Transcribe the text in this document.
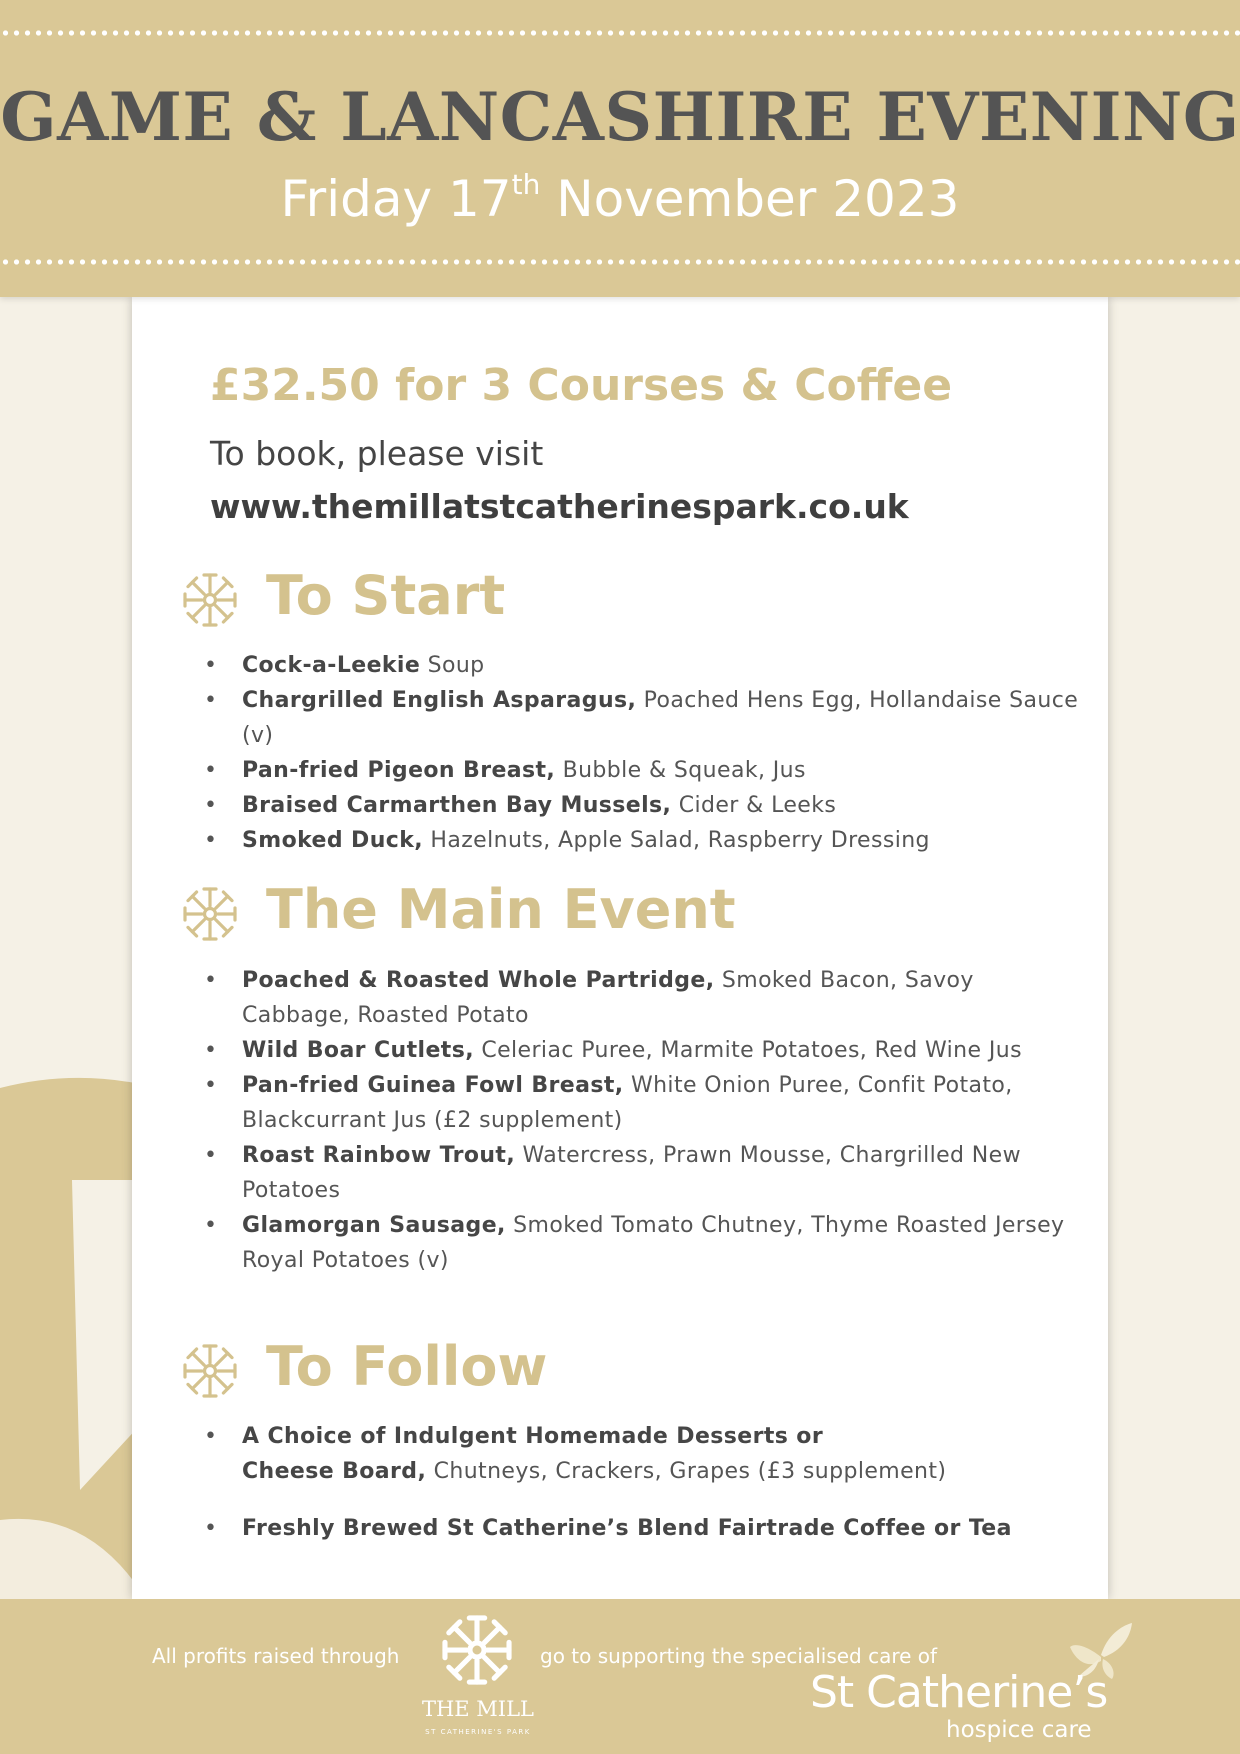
GAME & LANCASHIRE EVENING
Friday 17th November 2023
£32.50 for 3 Courses & Coffee
To book, please visit
www.themillatstcatherinespark.co.uk
To Start
• Cock-a-Leekie Soup
• Chargrilled English Asparagus, Poached Hens Egg, Hollandaise Sauce (v)
• Pan-fried Pigeon Breast, Bubble & Squeak, Jus
• Braised Carmarthen Bay Mussels, Cider & Leeks
• Smoked Duck, Hazelnuts, Apple Salad, Raspberry Dressing
The Main Event
• Poached & Roasted Whole Partridge, Smoked Bacon, Savoy Cabbage, Roasted Potato
• Wild Boar Cutlets, Celeriac Puree, Marmite Potatoes, Red Wine Jus
• Pan-fried Guinea Fowl Breast, White Onion Puree, Confit Potato, Blackcurrant Jus (£2 supplement)
• Roast Rainbow Trout, Watercress, Prawn Mousse, Chargrilled New Potatoes
• Glamorgan Sausage, Smoked Tomato Chutney, Thyme Roasted Jersey Royal Potatoes (v)
To Follow
• A Choice of Indulgent Homemade Desserts or
Cheese Board, Chutneys, Crackers, Grapes (£3 supplement)
• Freshly Brewed St Catherine’s Blend Fairtrade Coffee or Tea
All profits raised through
THE MILL
ST CATHERINE'S PARK
go to supporting the specialised care of
St Catherine’s
hospice care
